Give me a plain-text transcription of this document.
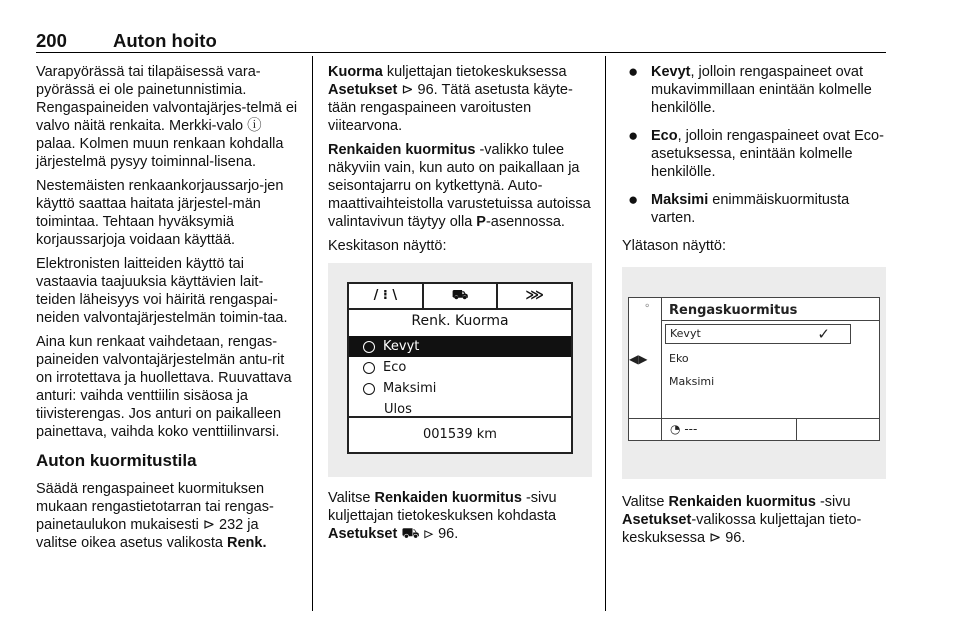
200 Auton hoito

Varapyörässä tai tilapäisessä vara-pyörässä ei ole painetunnistimia. Rengaspaineiden valvontajärjes-telmä ei valvo näitä renkaita. Merkki-valo ⓘ palaa. Kolmen muun renkaan kohdalla järjestelmä pysyy toiminnal-lisena.

Nestemäisten renkaankorjaussarjo-jen käyttö saattaa haitata järjestel-män toimintaa. Tehtaan hyväksymiä korjaussarjoja voidaan käyttää.

Elektronisten laitteiden käyttö tai vastaavia taajuuksia käyttävien lait-teiden läheisyys voi häiritä rengaspai-neiden valvontajärjestelmän toimin-taa.

Aina kun renkaat vaihdetaan, rengas-paineiden valvontajärjestelmän antu-rit on irrotettava ja huollettava. Ruuvattava anturi: vaihda venttiilin sisäosa ja tiivisterengas. Jos anturi on paikalleen painettava, vaihda koko venttiilinvarsi.

Auton kuormitustila

Säädä rengaspaineet kuormituksen mukaan rengastietotarran tai rengas-painetaulukon mukaisesti ⊳ 232 ja valitse oikea asetus valikosta Renk.

Kuorma kuljettajan tietokeskuksessa Asetukset ⊳ 96. Tätä asetusta käyte-tään rengaspaineen varoitusten viitearvona.

Renkaiden kuormitus -valikko tulee näkyviin vain, kun auto on paikallaan ja seisontajarru on kytkettynä. Auto-maattivaihteistolla varustetuissa autoissa valintavivun täytyy olla P-asennossa.

Keskitason näyttö:

/ ⁝ \	⛟	⋙
Renk. Kuorma
Kevyt
Eco
Maksimi
Ulos
001539 km

Valitse Renkaiden kuormitus -sivu kuljettajan tietokeskuksen kohdasta Asetukset ⛟ ⊳ 96.

● Kevyt, jolloin rengaspaineet ovat mukavimmillaan enintään kolmelle henkilölle.
● Eco, jolloin rengaspaineet ovat Eco-asetuksessa, enintään kolmelle henkilölle.
● Maksimi enimmäiskuormitusta varten.

Ylätason näyttö:

⚬
◀▶
Rengaskuormitus
Kevyt	✓
Eko
Maksimi
◔ ---

Valitse Renkaiden kuormitus -sivu Asetukset-valikossa kuljettajan tieto-keskuksessa ⊳ 96.
